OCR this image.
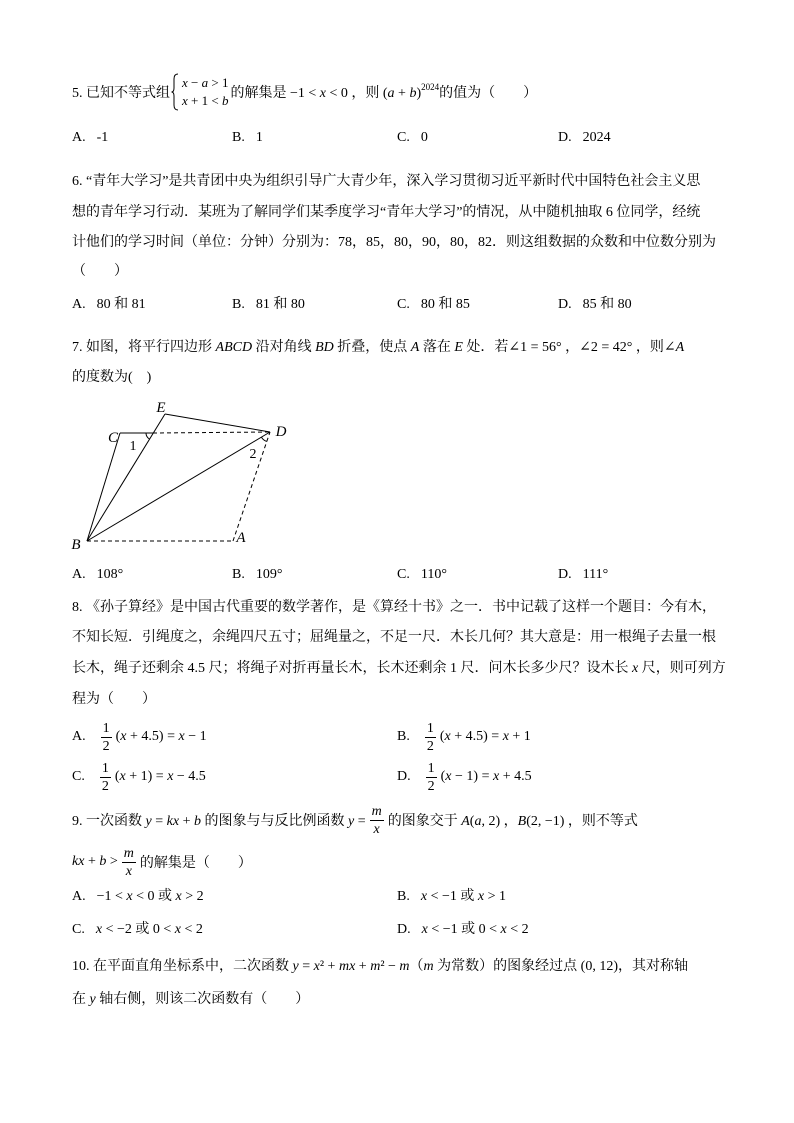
5. 已知不等式组
x − a > 1
x + 1 < b 的解集是 −1 < x < 0 ，则 $(a + b)^{2024}$的值为（　　）
A. -1	B. 1	C. 0	D. 2024
6. “青年大学习”是共青团中央为组织引导广大青少年，深入学习贯彻习近平新时代中国特色社会主义思
想的青年学习行动．某班为了解同学们某季度学习“青年大学习”的情况，从中随机抽取 6 位同学，经统
计他们的学习时间（单位：分钟）分别为：78，85，80，90，80，82．则这组数据的众数和中位数分别为
（　　）
A. 80 和 81	B. 81 和 80	C. 80 和 85	D. 85 和 80
7. 如图，将平行四边形 ABCD 沿对角线 BD 折叠，使点 A 落在 E 处．若∠1 = 56° ，∠2 = 42° ，则∠A
的度数为(　)
E
C	D
B	A
1
2
A. 108°	B. 109°	C. 110°	D. 111°
8. 《孙子算经》是中国古代重要的数学著作，是《算经十书》之一．书中记载了这样一个题目：今有木，
不知长短．引绳度之，余绳四尺五寸；屈绳量之，不足一尺．木长几何？其大意是：用一根绳子去量一根
长木，绳子还剩余 4.5 尺；将绳子对折再量长木，长木还剩余 1 尺．问木长多少尺？设木长 x 尺，则可列方
程为（　　）
A. $\frac{1}{2} (x + 4.5) = x - 1$	B. $\frac{1}{2} (x + 4.5) = x + 1$
C. $\frac{1}{2} (x + 1) = x - 4.5$	D. $\frac{1}{2} (x - 1) = x + 4.5$
9. 一次函数 y = kx + b 的图象与与反比例函数 $y = \frac{m}{x}$ 的图象交于 A(a, 2) ，B(2, −1) ，则不等式
kx + $b > \frac{m}{x}$ 的解集是（　　）
A. −1 < x < 0 或 x > 2	B. x < −1 或 x > 1
C. x < −2 或 0 < x < 2	D. x < −1 或 0 < x < 2
10. 在平面直角坐标系中，二次函数 y = x² + mx + m² − m（m 为常数）的图象经过点 (0, 12)，其对称轴
在 y 轴右侧，则该二次函数有（　　）
